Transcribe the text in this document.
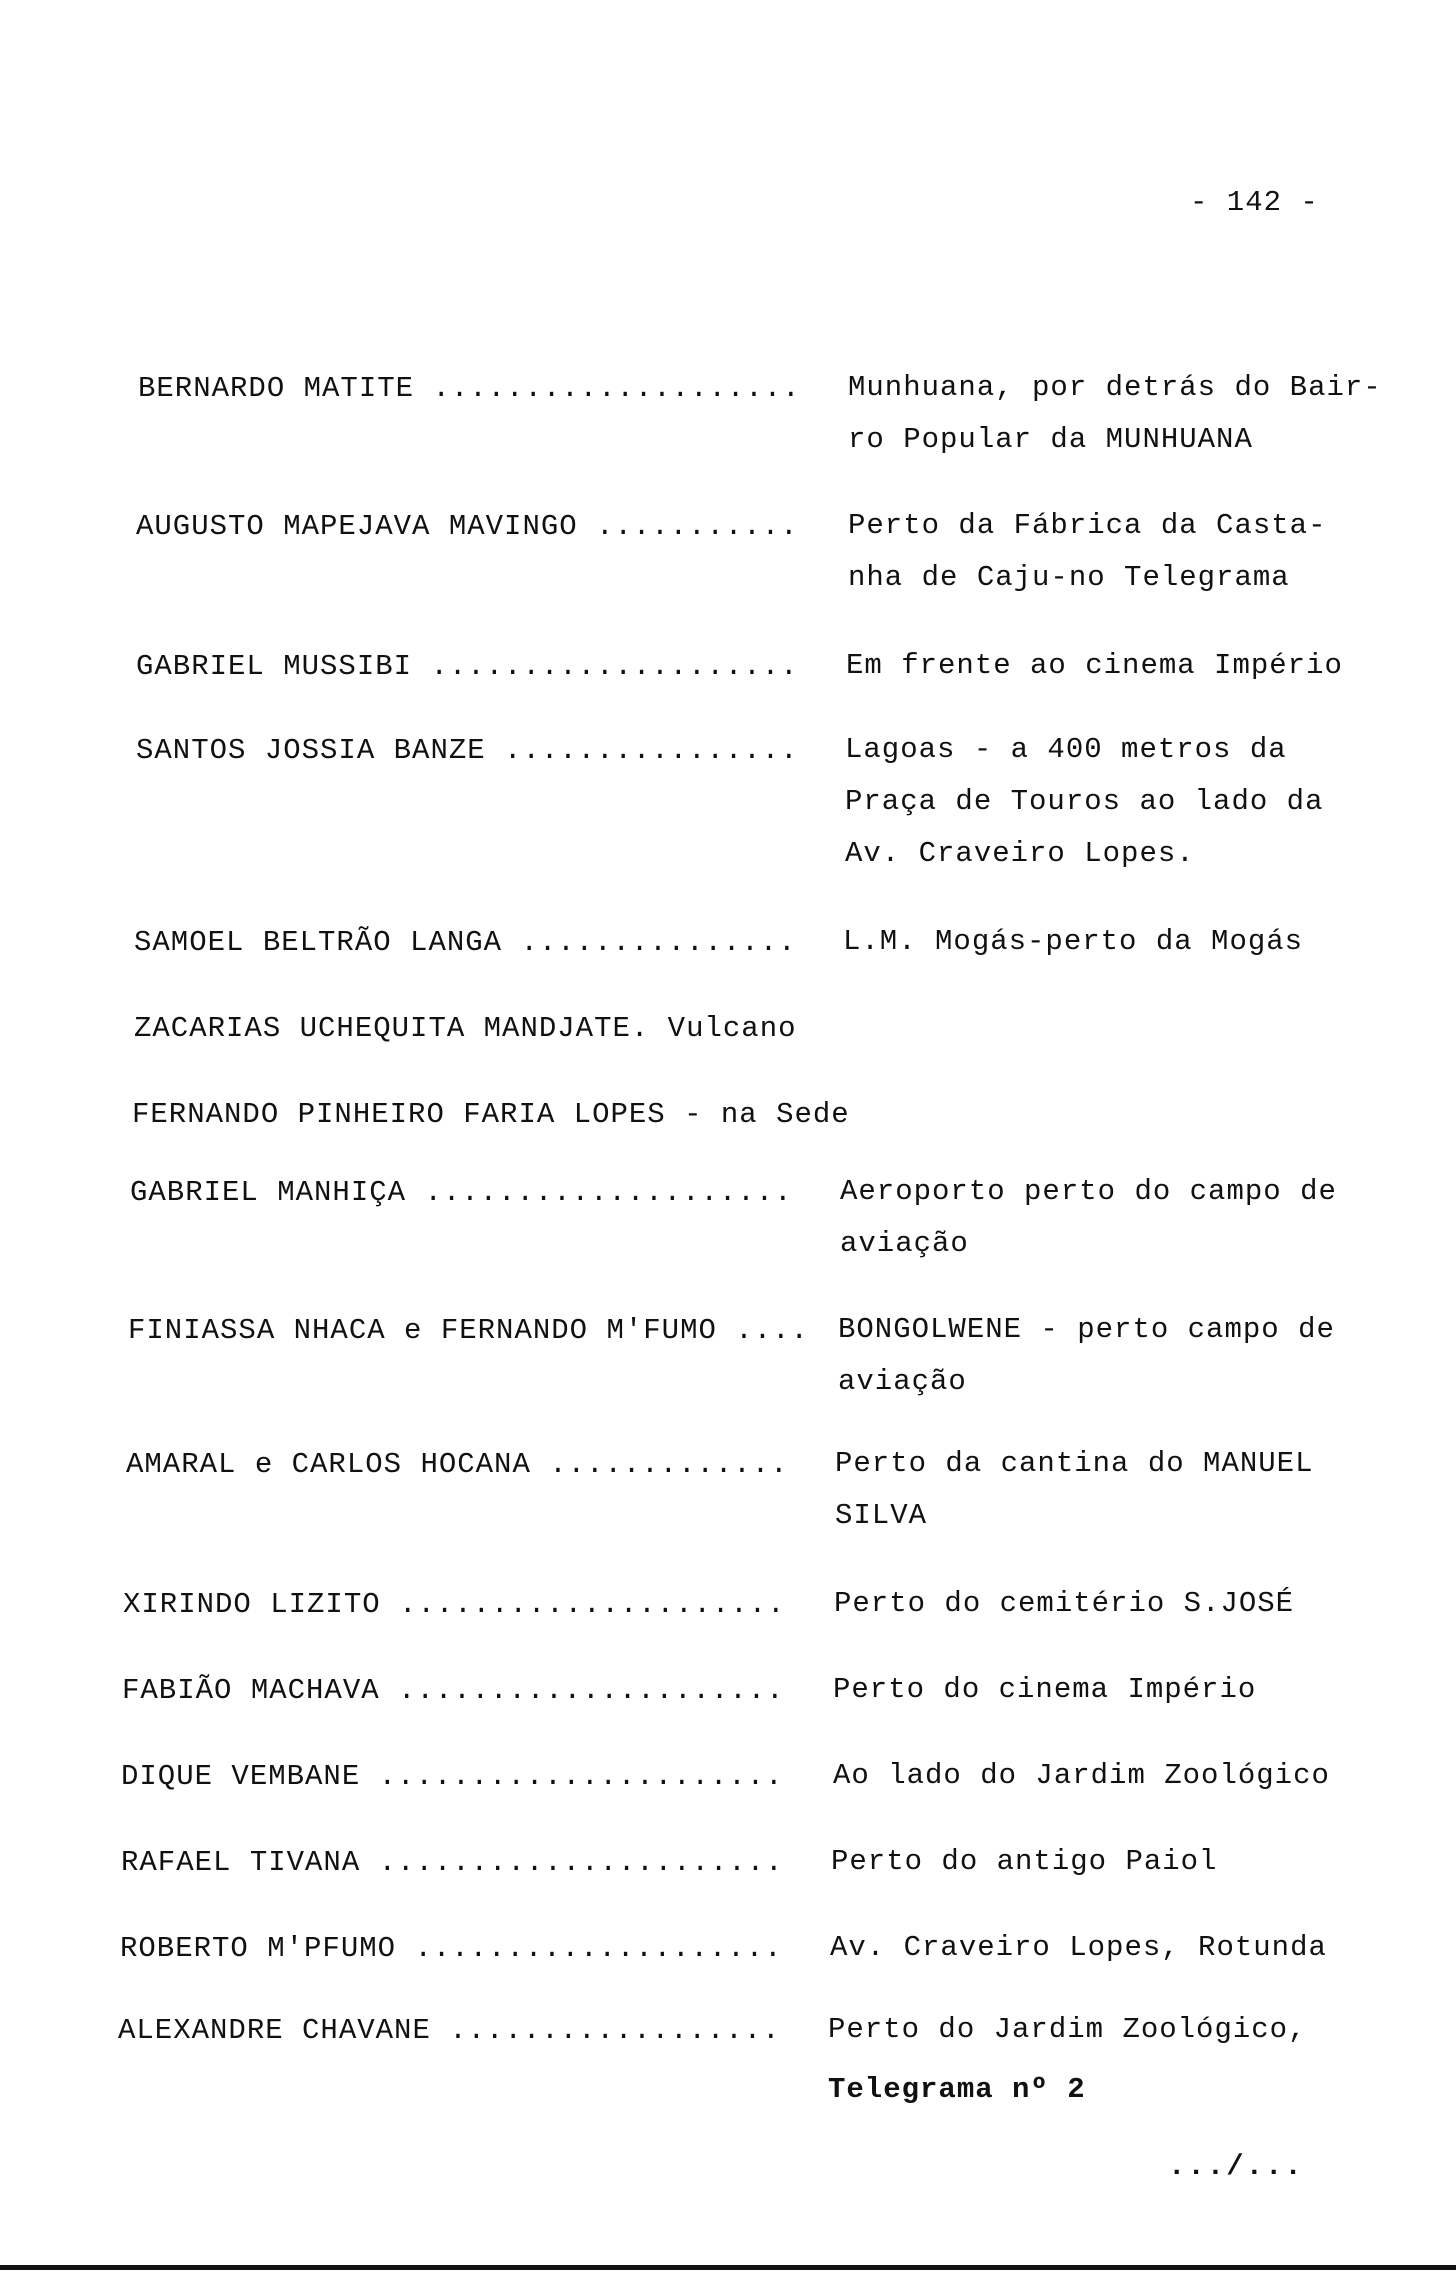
- 142 -
BERNARDO MATITE .................... Munhuana, por detrás do Bair-
ro Popular da MUNHUANA
AUGUSTO MAPEJAVA MAVINGO ........... Perto da Fábrica da Casta-
nha de Caju-no Telegrama
GABRIEL MUSSIBI .................... Em frente ao cinema Império
SANTOS JOSSIA BANZE ................ Lagoas - a 400 metros da
Praça de Touros ao lado da
Av. Craveiro Lopes.
SAMOEL BELTRÃO LANGA ............... L.M. Mogás-perto da Mogás
ZACARIAS UCHEQUITA MANDJATE. Vulcano
FERNANDO PINHEIRO FARIA LOPES - na Sede
GABRIEL MANHIÇA .................... Aeroporto perto do campo de
aviação
FINIASSA NHACA e FERNANDO M'FUMO .... BONGOLWENE - perto campo de
aviação
AMARAL e CARLOS HOCANA ............. Perto da cantina do MANUEL
SILVA
XIRINDO LIZITO ..................... Perto do cemitério S.JOSÉ
FABIÃO MACHAVA ..................... Perto do cinema Império
DIQUE VEMBANE ...................... Ao lado do Jardim Zoológico
RAFAEL TIVANA ...................... Perto do antigo Paiol
ROBERTO M'PFUMO .................... Av. Craveiro Lopes, Rotunda
ALEXANDRE CHAVANE .................. Perto do Jardim Zoológico,
Telegrama nº 2
.../...
